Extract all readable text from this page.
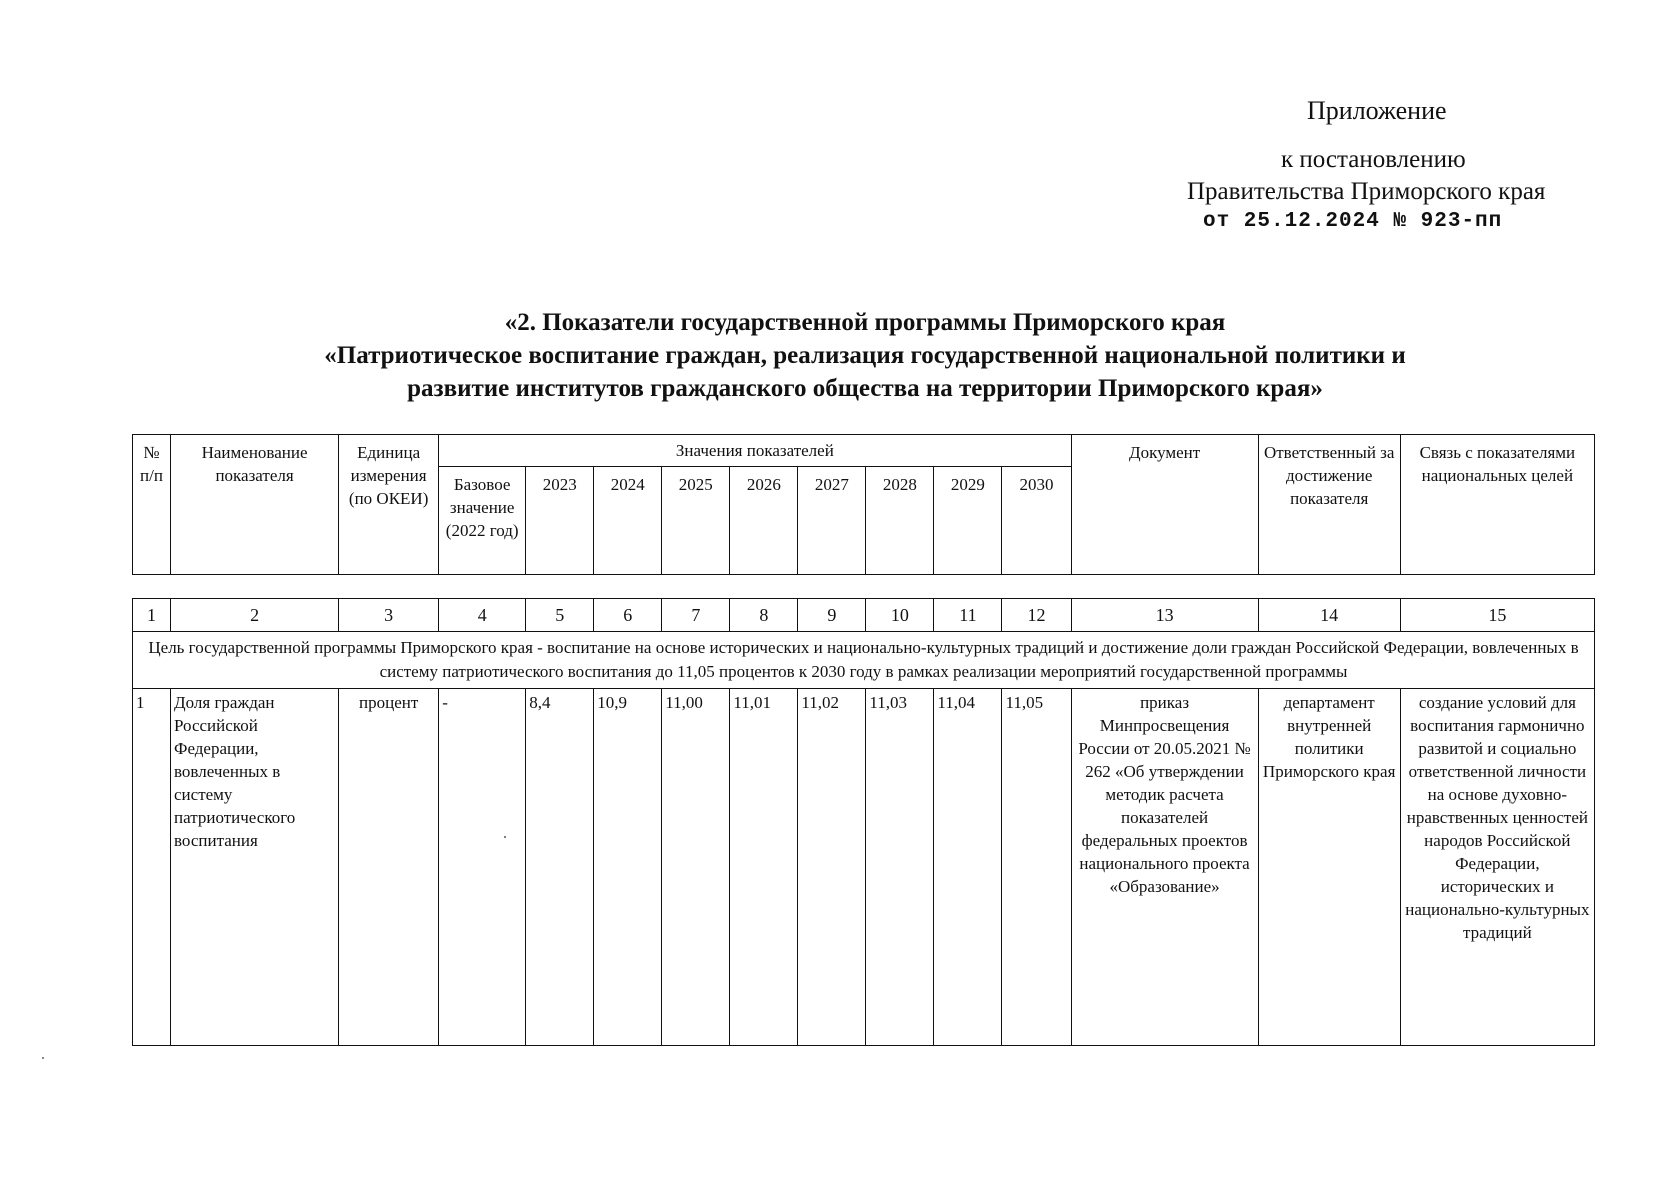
Приложение
к постановлению
Правительства Приморского края
от 25.12.2024 № 923-пп
«2. Показатели государственной программы Приморского края
«Патриотическое воспитание граждан, реализация государственной национальной политики и
развитие институтов гражданского общества на территории Приморского края»
№ п/п	Наименование показателя	Единица измерения (по ОКЕИ)	Значения показателей									Документ	Ответственный за достижение показателя	Связь с показателями национальных целей
			Базовое значение (2022 год)	2023	2024	2025	2026	2027	2028	2029	2030			
1	2	3	4	5	6	7	8	9	10	11	12	13	14	15
Цель государственной программы Приморского края - воспитание на основе исторических и национально-культурных традиций и достижение доли граждан Российской Федерации, вовлеченных в систему патриотического воспитания до 11,05 процентов к 2030 году в рамках реализации мероприятий государственной программы														
1	Доля граждан Российской Федерации, вовлеченных в систему патриотического воспитания	процент	-	8,4	10,9	11,00	11,01	11,02	11,03	11,04	11,05	приказ Минпросвещения России от 20.05.2021 № 262 «Об утверждении методик расчета показателей федеральных проектов национального проекта «Образование»	департамент внутренней политики Приморского края	создание условий для воспитания гармонично развитой и социально ответственной личности на основе духовно-нравственных ценностей народов Российской Федерации, исторических и национально-культурных традиций
